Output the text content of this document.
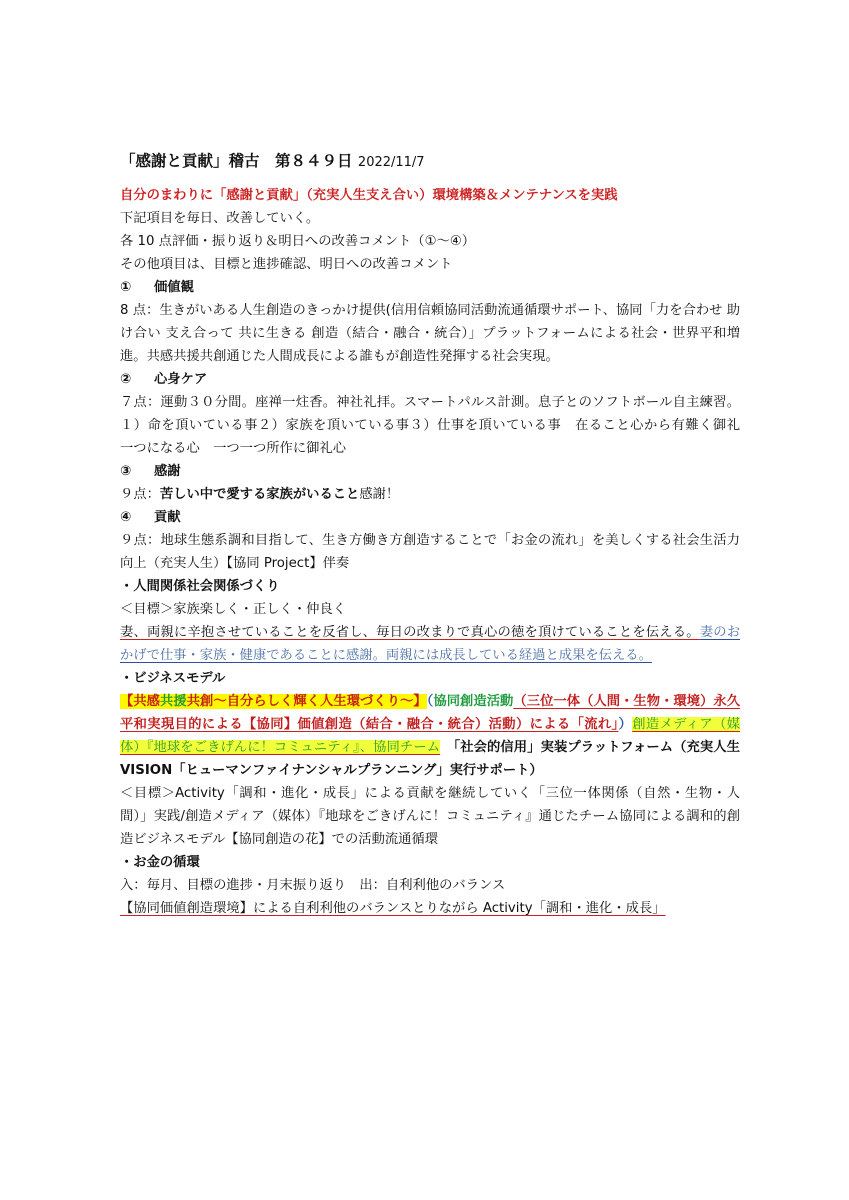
「感謝と貢献」稽古　第８４９日 2022/11/7

自分のまわりに「感謝と貢献」（充実人生支え合い）環境構築＆メンテナンスを実践

下記項目を毎日、改善していく。

各 10 点評価・振り返り＆明日への改善コメント（①～④）

その他項目は、目標と進捗確認、明日への改善コメント

① 価値観

8 点：生きがいある人生創造のきっかけ提供(信用信頼協同活動流通循環サポート、協同「力を合わせ 助け合い 支え合って 共に生きる 創造（結合・融合・統合）」プラットフォームによる社会・世界平和増進。共感共援共創通じた人間成長による誰もが創造性発揮する社会実現。

② 心身ケア

７点：運動３０分間。座禅一炷香。神社礼拝。スマートパルス計測。息子とのソフトボール自主練習。１）命を頂いている事２）家族を頂いている事３）仕事を頂いている事　在ること心から有難く御礼　一つになる心　一つ一つ所作に御礼心

③ 感謝

９点：苦しい中で愛する家族がいること感謝！

④ 貢献

９点：地球生態系調和目指して、生き方働き方創造することで「お金の流れ」を美しくする社会生活力向上（充実人生）【協同 Project】伴奏

・人間関係社会関係づくり

＜目標＞家族楽しく・正しく・仲良く

妻、両親に辛抱させていることを反省し、毎日の改まりで真心の徳を頂けていることを伝える。妻のおかげで仕事・家族・健康であることに感謝。両親には成長している経過と成果を伝える。

・ビジネスモデル

【共感共援共創～自分らしく輝く人生環づくり～】（協同創造活動（三位一体（人間・生物・環境）永久平和実現目的による【協同】価値創造（結合・融合・統合）活動）による「流れ」）創造メディア（媒体）『地球をごきげんに！コミュニティ』、協同チーム　 「社会的信用」実装プラットフォーム（充実人生 VISION「ヒューマンファイナンシャルプランニング」実行サポート）

＜目標＞Activity「調和・進化・成長」による貢献を継続していく「三位一体関係（自然・生物・人間）」実践/創造メディア（媒体）『地球をごきげんに！コミュニティ』通じたチーム協同による調和的創造ビジネスモデル【協同創造の花】での活動流通循環

・お金の循環

入：毎月、目標の進捗・月末振り返り　出：自利利他のバランス

【協同価値創造環境】による自利利他のバランスとりながら Activity「調和・進化・成長」
